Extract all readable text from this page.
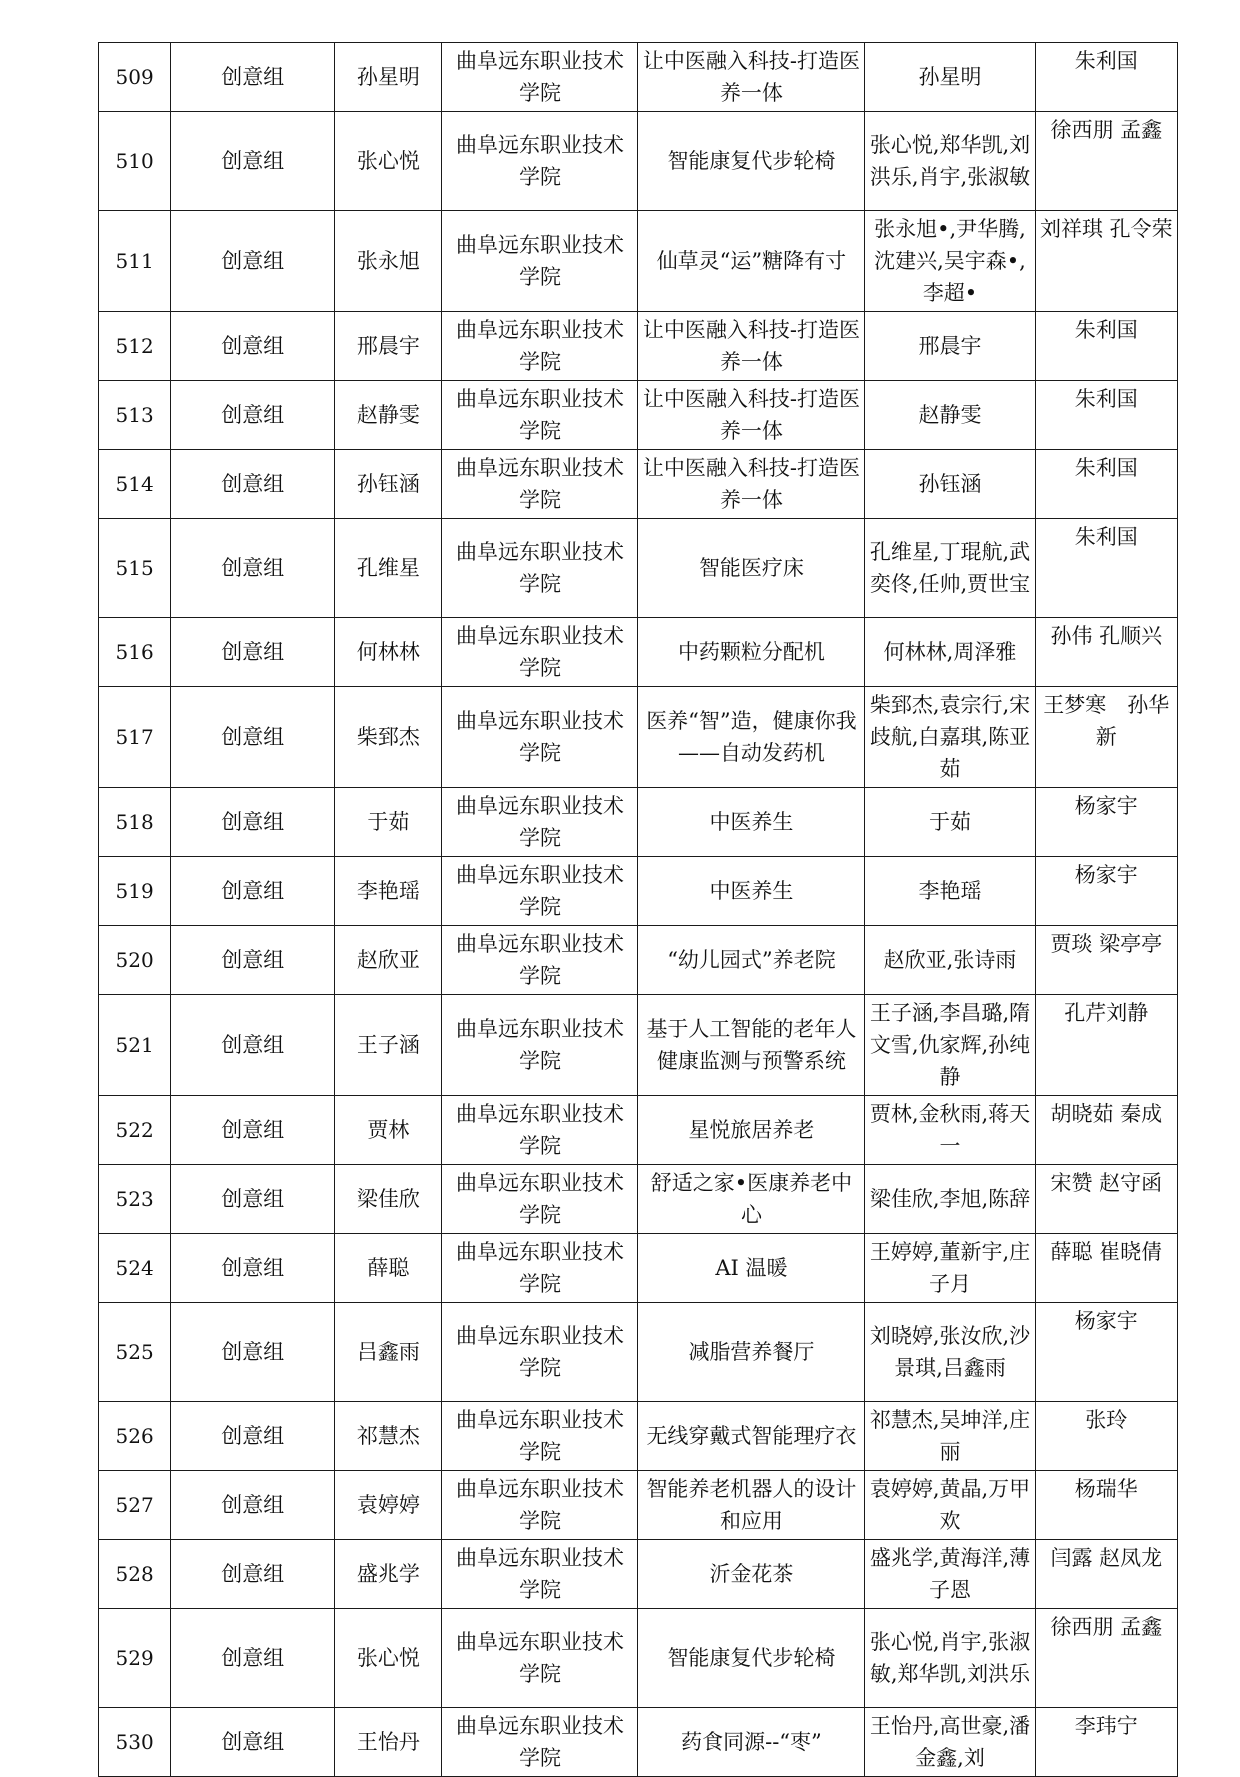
509	创意组	孙星明	曲阜远东职业技术学院	让中医融入科技-打造医养一体	孙星明	朱利国
510	创意组	张心悦	曲阜远东职业技术学院	智能康复代步轮椅	张心悦,郑华凯,刘洪乐,肖宇,张淑敏	徐西朋 孟鑫
511	创意组	张永旭	曲阜远东职业技术学院	仙草灵“运”糖降有寸	张永旭•,尹华腾,沈建兴,吴宇森•,李超•	刘祥琪 孔令荣
512	创意组	邢晨宇	曲阜远东职业技术学院	让中医融入科技-打造医养一体	邢晨宇	朱利国
513	创意组	赵静雯	曲阜远东职业技术学院	让中医融入科技-打造医养一体	赵静雯	朱利国
514	创意组	孙钰涵	曲阜远东职业技术学院	让中医融入科技-打造医养一体	孙钰涵	朱利国
515	创意组	孔维星	曲阜远东职业技术学院	智能医疗床	孔维星,丁琨航,武奕佟,任帅,贾世宝	朱利国
516	创意组	何林林	曲阜远东职业技术学院	中药颗粒分配机	何林林,周泽雅	孙伟 孔顺兴
517	创意组	柴郅杰	曲阜远东职业技术学院	医养“智”造，健康你我——自动发药机	柴郅杰,袁宗行,宋歧航,白嘉琪,陈亚茹	王梦寒　孙华新
518	创意组	于茹	曲阜远东职业技术学院	中医养生	于茹	杨家宇
519	创意组	李艳瑶	曲阜远东职业技术学院	中医养生	李艳瑶	杨家宇
520	创意组	赵欣亚	曲阜远东职业技术学院	“幼儿园式”养老院	赵欣亚,张诗雨	贾琰 梁亭亭
521	创意组	王子涵	曲阜远东职业技术学院	基于人工智能的老年人健康监测与预警系统	王子涵,李昌璐,隋文雪,仇家辉,孙纯静	孔芹刘静
522	创意组	贾林	曲阜远东职业技术学院	星悦旅居养老	贾林,金秋雨,蒋天一	胡晓茹 秦成
523	创意组	梁佳欣	曲阜远东职业技术学院	舒适之家•医康养老中心	梁佳欣,李旭,陈辞	宋赞 赵守函
524	创意组	薛聪	曲阜远东职业技术学院	AI 温暖	王婷婷,董新宇,庄子月	薛聪 崔晓倩
525	创意组	吕鑫雨	曲阜远东职业技术学院	减脂营养餐厅	刘晓婷,张汝欣,沙景琪,吕鑫雨	杨家宇
526	创意组	祁慧杰	曲阜远东职业技术学院	无线穿戴式智能理疗衣	祁慧杰,吴坤洋,庄丽	张玲
527	创意组	袁婷婷	曲阜远东职业技术学院	智能养老机器人的设计和应用	袁婷婷,黄晶,万甲欢	杨瑞华
528	创意组	盛兆学	曲阜远东职业技术学院	沂金花茶	盛兆学,黄海洋,薄子恩	闫露 赵凤龙
529	创意组	张心悦	曲阜远东职业技术学院	智能康复代步轮椅	张心悦,肖宇,张淑敏,郑华凯,刘洪乐	徐西朋 孟鑫
530	创意组	王怡丹	曲阜远东职业技术学院	药食同源--“枣”	王怡丹,高世豪,潘金鑫,刘	李玮宁
